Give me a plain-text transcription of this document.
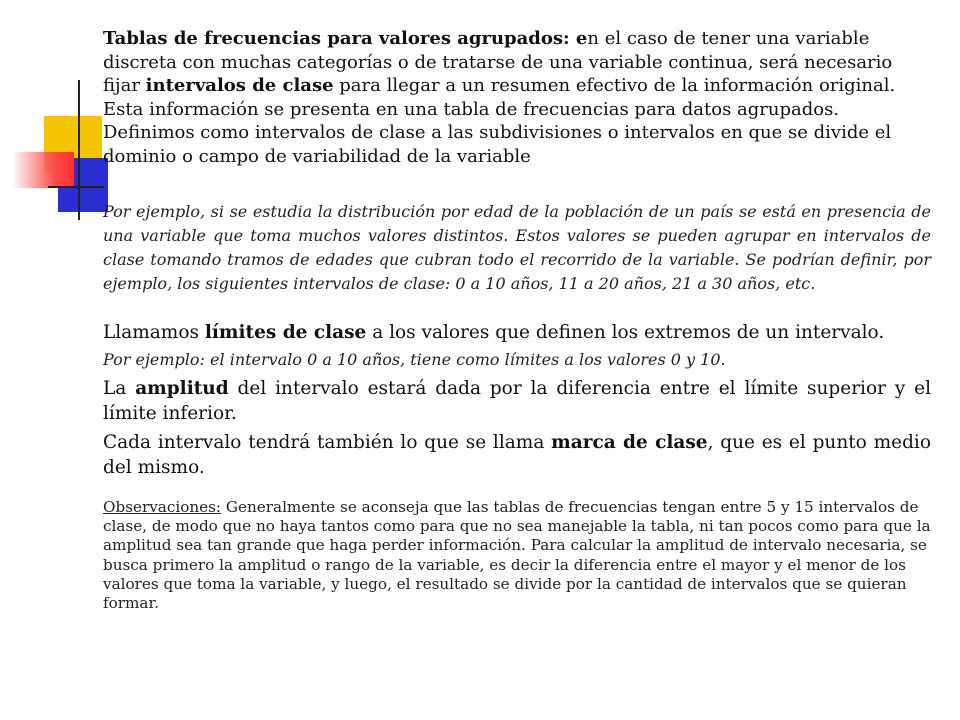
Tablas de frecuencias para valores agrupados: en el caso de tener una variable discreta con muchas categorías o de tratarse de una variable continua, será necesario fijar intervalos de clase para llegar a un resumen efectivo de la información original. Esta información se presenta en una tabla de frecuencias para datos agrupados.

Definimos como intervalos de clase a las subdivisiones o intervalos en que se divide el dominio o campo de variabilidad de la variable

Por ejemplo, si se estudia la distribución por edad de la población de un país se está en presencia de una variable que toma muchos valores distintos. Estos valores se pueden agrupar en intervalos de clase tomando tramos de edades que cubran todo el recorrido de la variable. Se podrían definir, por ejemplo, los siguientes intervalos de clase: 0 a 10 años, 11 a 20 años, 21 a 30 años, etc.

Llamamos límites de clase a los valores que definen los extremos de un intervalo.

Por ejemplo: el intervalo 0 a 10 años, tiene como límites a los valores 0 y 10.

La amplitud del intervalo estará dada por la diferencia entre el límite superior y el límite inferior.

Cada intervalo tendrá también lo que se llama marca de clase, que es el punto medio del mismo.

Observaciones: Generalmente se aconseja que las tablas de frecuencias tengan entre 5 y 15 intervalos de clase, de modo que no haya tantos como para que no sea manejable la tabla, ni tan pocos como para que la amplitud sea tan grande que haga perder información. Para calcular la amplitud de intervalo necesaria, se busca primero la amplitud o rango de la variable, es decir la diferencia entre el mayor y el menor de los valores que toma la variable, y luego, el resultado se divide por la cantidad de intervalos que se quieran formar.
